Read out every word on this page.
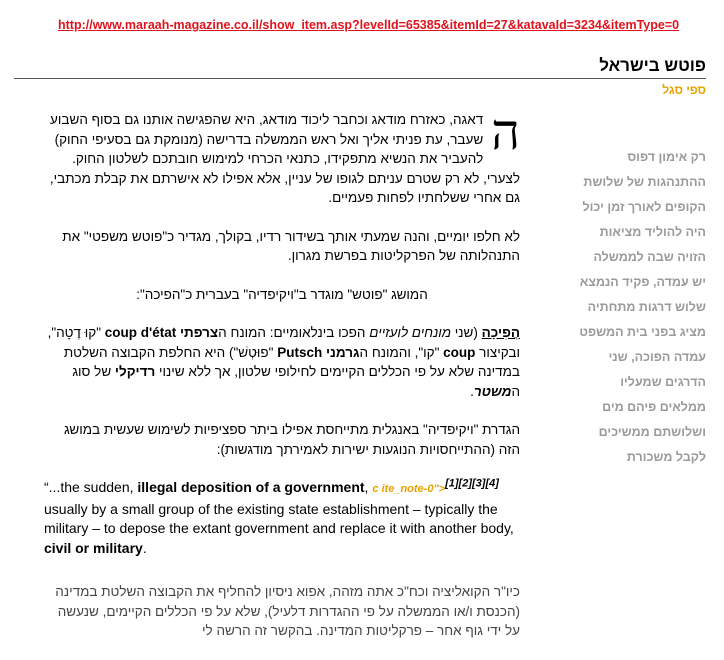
http://www.maraah-magazine.co.il/show_item.asp?levelId=65385&itemId=27&katavaId=3234&itemType=0
פוטש בישראל
ספי סגל
רק אימון דפוס
ההתנהגות של שלושת
הקופים לאורך זמן יכול
היה להוליד מציאות
הזויה שבה לממשלה
יש עמדה, פקיד הנמצא
שלוש דרגות מתחתיה
מציג בפני בית המשפט
עמדה הפוכה, שני
הדרגים שמעליו
ממלאים פיהם מים
ושלושתם ממשיכים
לקבל משכורת

ה
דאגה, כאזרח מודאג וכחבר ליכוד מודאג, היא שהפגישה אותנו גם בסוף השבוע שעבר, עת פניתי אליך ואל ראש הממשלה בדרישה (מנומקת גם בסעיפי החוק) להעביר את הנשיא מתפקידו, כתנאי הכרחי למימוש חובתכם לשלטון החוק. לצערי, לא רק שטרם עניתם לגופו של עניין, אלא אפילו לא אישרתם את קבלת מכתבי, גם אחרי ששלחתיו לפחות פעמיים.

לא חלפו יומיים, והנה שמעתי אותך בשידור רדיו, בקולך, מגדיר כ"פוטש משפטי" את התנהלותה של הפרקליטות בפרשת מגרון.

המושג "פוטש" מוגדר ב"ויקיפדיה" בעברית כ"הפיכה":

הֲפִיכָה (שני מונחים לועזיים הפכו בינלאומיים: המונח הצרפתי coup d'état "קוּ דֶטָה", ובקיצור coup "קו", והמונח הגרמני Putsch "פוּטְשׁ") היא החלפת הקבוצה השלטת במדינה שלא על פי הכללים הקיימים לחילופי שלטון, אך ללא שינוי רדיקלי של סוג המשטר.

הגדרת "ויקיפדיה" באנגלית מתייחסת אפילו ביתר ספציפיות לשימוש שעשית במושג הזה (ההתייחסויות הנוגעות ישירות לאמירתך מודגשות):

“...the sudden, illegal deposition of a government, c ite_note-0">[1][2][3][4] usually by a small group of the existing state establishment – typically the military – to depose the extant government and replace it with another body, civil or military.

כיו"ר הקואליציה וכח"כ אתה מזהה, אפוא ניסיון להחליף את הקבוצה השלטת במדינה (הכנסת ו/או הממשלה על פי ההגדרות דלעיל), שלא על פי הכללים הקיימים, שנעשה על ידי גוף אחר – פרקליטות המדינה. בהקשר זה הרשה לי
